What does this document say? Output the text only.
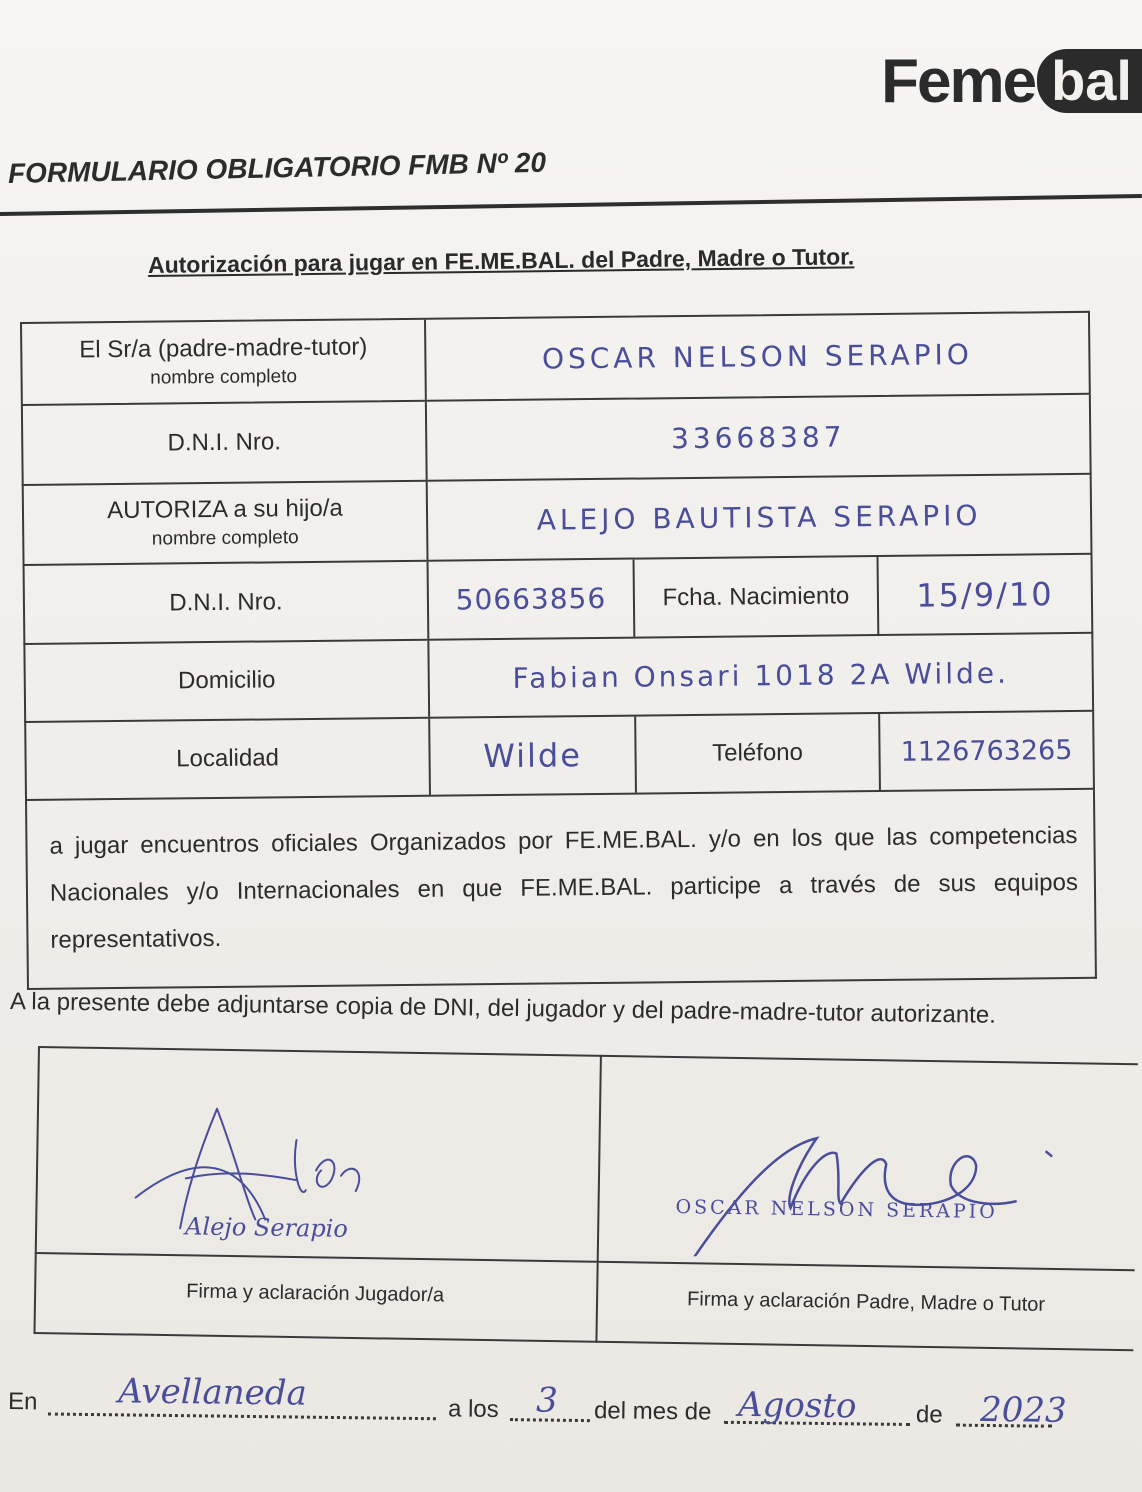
Feme bal
FORMULARIO OBLIGATORIO FMB Nº 20
Autorización para jugar en FE.ME.BAL. del Padre, Madre o Tutor.
El Sr/a (padre-madre-tutor)
nombre completo
OSCAR NELSON SERAPIO
D.N.I. Nro.	33668387
AUTORIZA a su hijo/a
nombre completo
ALEJO BAUTISTA SERAPIO
D.N.I. Nro.	50663856 Fcha. Nacimiento 15/9/10
Domicilio	Fabian Onsari 1018 2A Wilde.
Localidad	Wilde	Teléfono	1126763265
a jugar encuentros oficiales Organizados por FE.ME.BAL. y/o en los que las competencias Nacionales y/o Internacionales en que FE.ME.BAL. participe a través de sus equipos representativos.
A la presente debe adjuntarse copia de DNI, del jugador y del padre-madre-tutor autorizante.
Alejo Serapio
OSCAR NELSON SERAPIO
Firma y aclaración Jugador/a	Firma y aclaración Padre, Madre o Tutor
En Avellaneda	a los 3 del mes de Agosto de 2023
